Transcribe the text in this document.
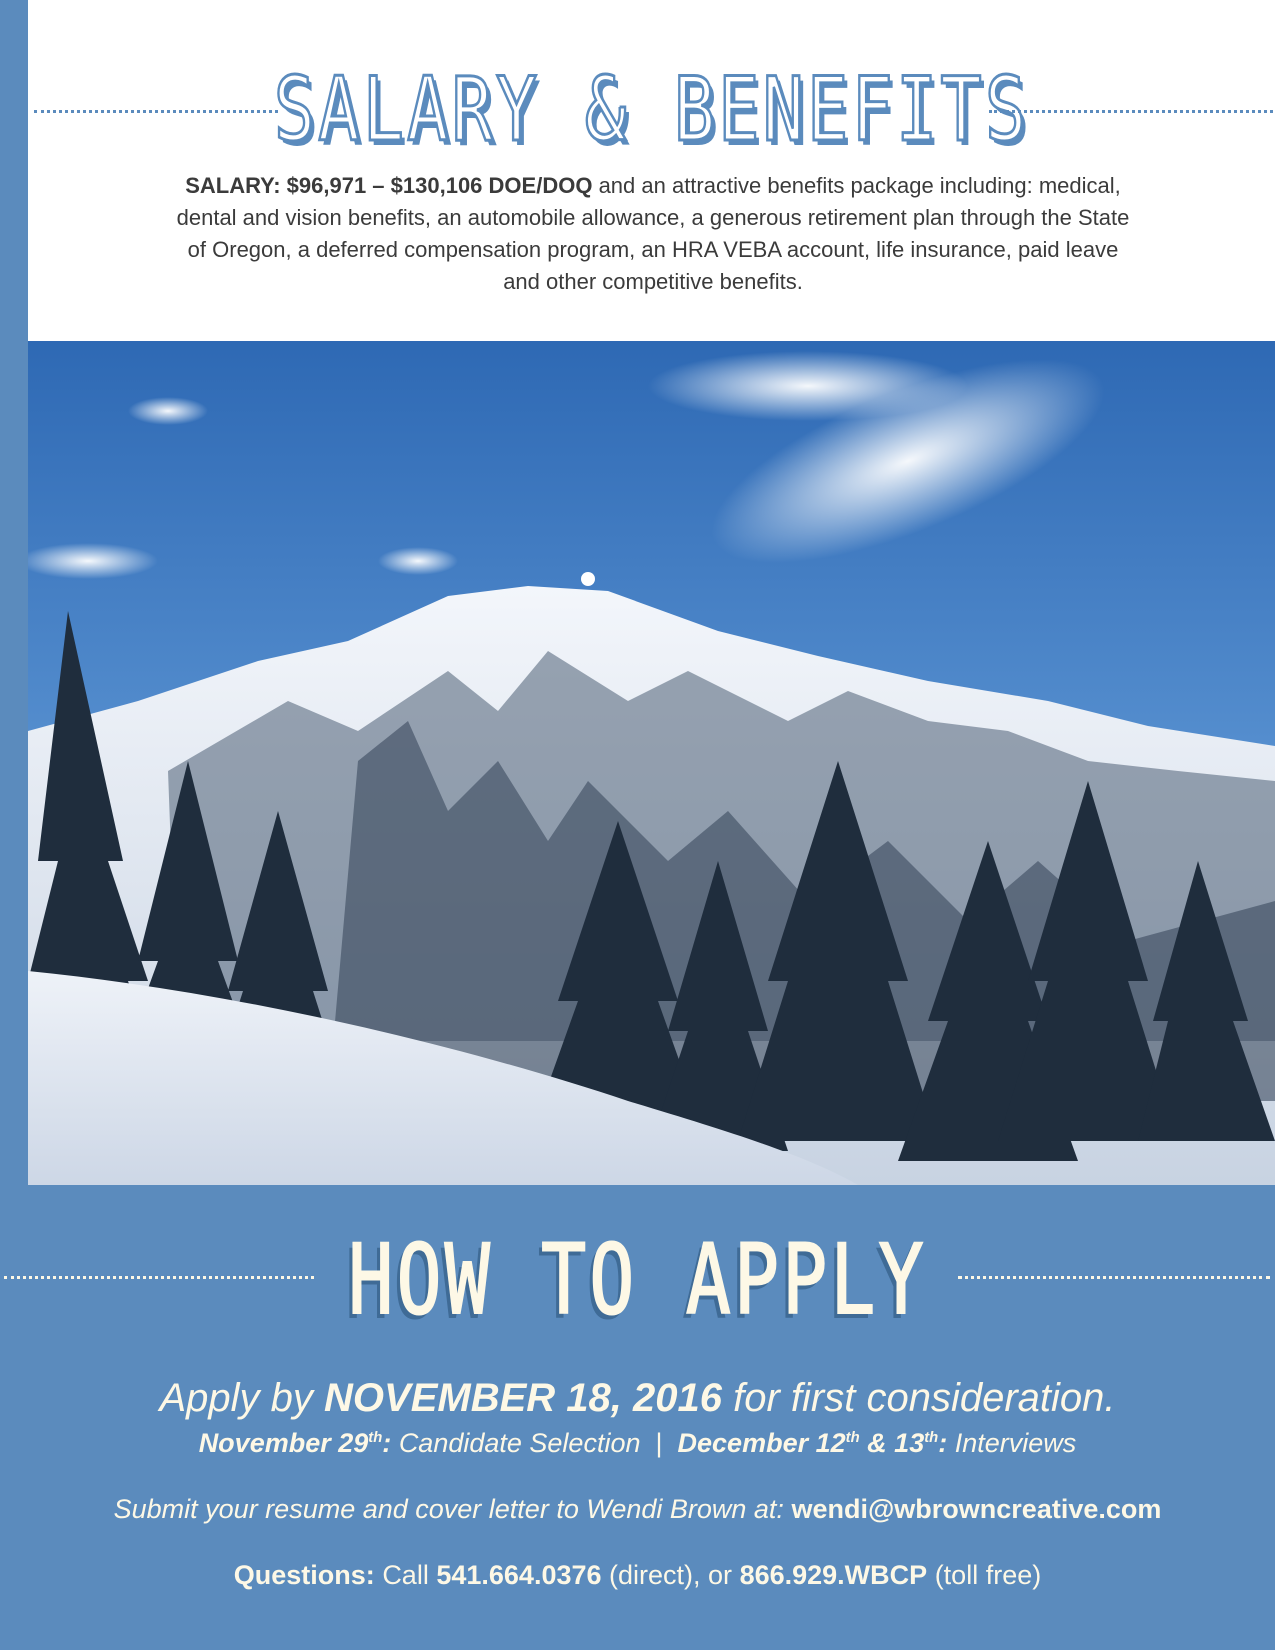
SALARY & BENEFITS

SALARY: $96,971 – $130,106 DOE/DOQ and an attractive benefits package including: medical, dental and vision benefits, an automobile allowance, a generous retirement plan through the State of Oregon, a deferred compensation program, an HRA VEBA account, life insurance, paid leave and other competitive benefits.

HOW TO APPLY

Apply by NOVEMBER 18, 2016 for first consideration.

November 29th: Candidate Selection | December 12th & 13th: Interviews

Submit your resume and cover letter to Wendi Brown at: wendi@wbrowncreative.com

Questions: Call 541.664.0376 (direct), or 866.929.WBCP (toll free)
